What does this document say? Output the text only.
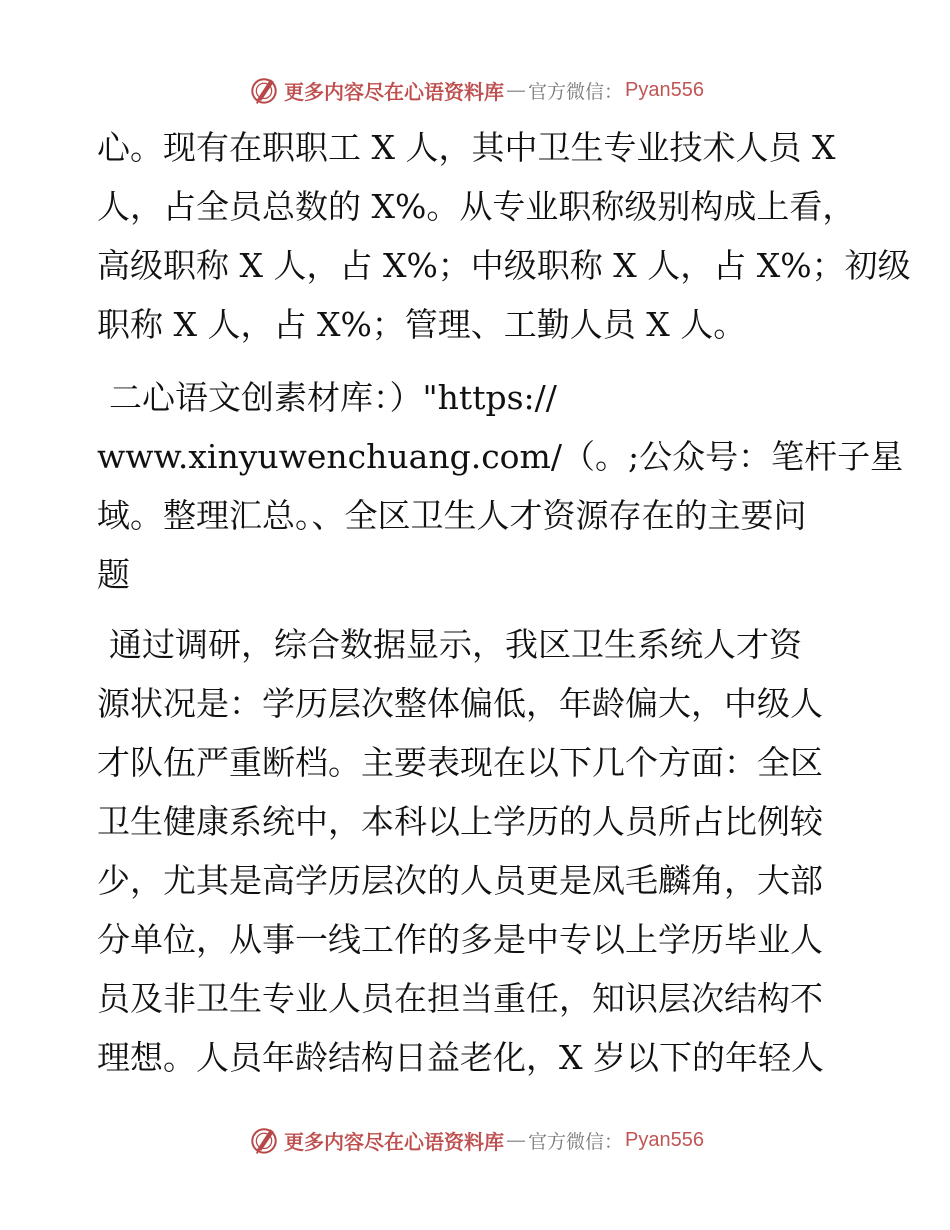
更多内容尽在心语资料库 — 官方微信： Pyan556
心。现有在职职工 X 人，其中卫生专业技术人员 X
人，占全员总数的 X%。从专业职称级别构成上看，
高级职称 X 人，占 X%；中级职称 X 人，占 X%；初级
职称 X 人，占 X%；管理、工勤人员 X 人。
二心语文创素材库：）"https://
www.xinyuwenchuang.com/（。;公众号：笔杆子星
域。整理汇总。、全区卫生人才资源存在的主要问
题
通过调研，综合数据显示，我区卫生系统人才资
源状况是：学历层次整体偏低，年龄偏大，中级人
才队伍严重断档。主要表现在以下几个方面：全区
卫生健康系统中，本科以上学历的人员所占比例较
少，尤其是高学历层次的人员更是凤毛麟角，大部
分单位，从事一线工作的多是中专以上学历毕业人
员及非卫生专业人员在担当重任，知识层次结构不
理想。人员年龄结构日益老化，X 岁以下的年轻人
更多内容尽在心语资料库 — 官方微信： Pyan556
